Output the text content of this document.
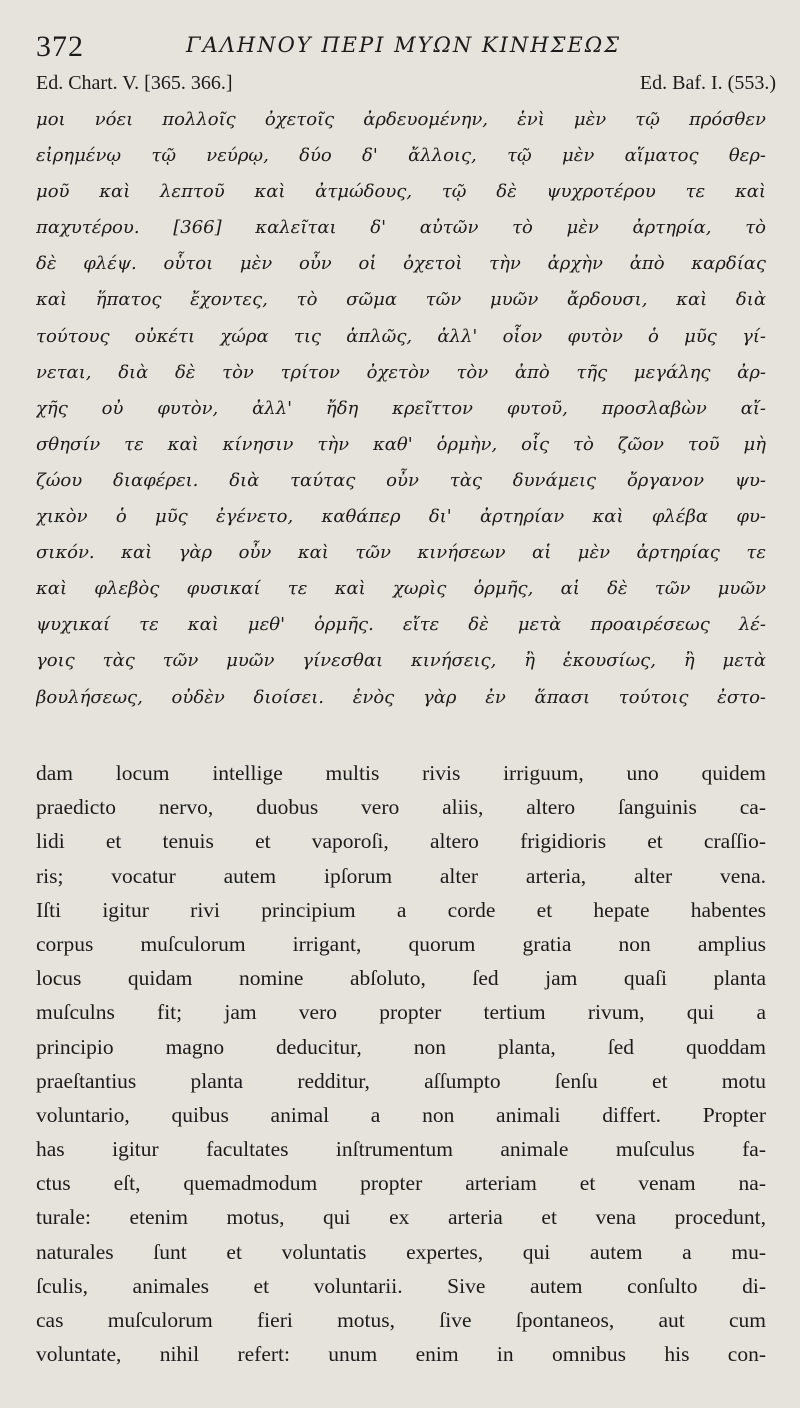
372	ΓΑΛΗΝΟΥ ΠΕΡΙ ΜΥΩΝ ΚΙΝΗΣΕΩΣ
Ed. Chart. V. [365. 366.]	Ed. Baf. I. (553.)
μοι νόει πολλοῖς ὀχετοῖς ἀρδευομένην, ἑνὶ μὲν τῷ πρόσθεν
εἰρημένῳ τῷ νεύρῳ, δύο δ' ἄλλοις, τῷ μὲν αἵματος θερ-
μοῦ καὶ λεπτοῦ καὶ ἀτμώδους, τῷ δὲ ψυχροτέρου τε καὶ
παχυτέρου. [366] καλεῖται δ' αὐτῶν τὸ μὲν ἀρτηρία, τὸ
δὲ φλέψ. οὗτοι μὲν οὖν οἱ ὀχετοὶ τὴν ἀρχὴν ἀπὸ καρδίας
καὶ ἥπατος ἔχοντες, τὸ σῶμα τῶν μυῶν ἄρδουσι, καὶ διὰ
τούτους οὐκέτι χώρα τις ἁπλῶς, ἀλλ' οἷον φυτὸν ὁ μῦς γί-
νεται, διὰ δὲ τὸν τρίτον ὀχετὸν τὸν ἀπὸ τῆς μεγάλης ἀρ-
χῆς οὐ φυτὸν, ἀλλ' ἤδη κρεῖττον φυτοῦ, προσλαβὼν αἴ-
σθησίν τε καὶ κίνησιν τὴν καθ' ὁρμὴν, οἷς τὸ ζῶον τοῦ μὴ
ζώου διαφέρει. διὰ ταύτας οὖν τὰς δυνάμεις ὄργανον ψυ-
χικὸν ὁ μῦς ἐγένετο, καθάπερ δι' ἀρτηρίαν καὶ φλέβα φυ-
σικόν. καὶ γὰρ οὖν καὶ τῶν κινήσεων αἱ μὲν ἀρτηρίας τε
καὶ φλεβὸς φυσικαί τε καὶ χωρὶς ὁρμῆς, αἱ δὲ τῶν μυῶν
ψυχικαί τε καὶ μεθ' ὁρμῆς. εἴτε δὲ μετὰ προαιρέσεως λέ-
γοις τὰς τῶν μυῶν γίνεσθαι κινήσεις, ἢ ἑκουσίως, ἢ μετὰ
βουλήσεως, οὐδὲν διοίσει. ἑνὸς γὰρ ἐν ἅπασι τούτοις ἐστο-
dam locum intellige multis rivis irriguum, uno quidem
praedicto nervo, duobus vero aliis, altero ſanguinis ca-
lidi et tenuis et vaporoſi, altero frigidioris et craſſio-
ris; vocatur autem ipſorum alter arteria, alter vena.
Iſti igitur rivi principium a corde et hepate habentes
corpus muſculorum irrigant, quorum gratia non amplius
locus quidam nomine abſoluto, ſed jam quaſi planta
muſculns fit; jam vero propter tertium rivum, qui a
principio magno deducitur, non planta, ſed quoddam
praeſtantius planta redditur, aſſumpto ſenſu et motu
voluntario, quibus animal a non animali differt. Propter
has igitur facultates inſtrumentum animale muſculus fa-
ctus eſt, quemadmodum propter arteriam et venam na-
turale: etenim motus, qui ex arteria et vena procedunt,
naturales ſunt et voluntatis expertes, qui autem a mu-
ſculis, animales et voluntarii. Sive autem conſulto di-
cas muſculorum fieri motus, ſive ſpontaneos, aut cum
voluntate, nihil refert: unum enim in omnibus his con-
